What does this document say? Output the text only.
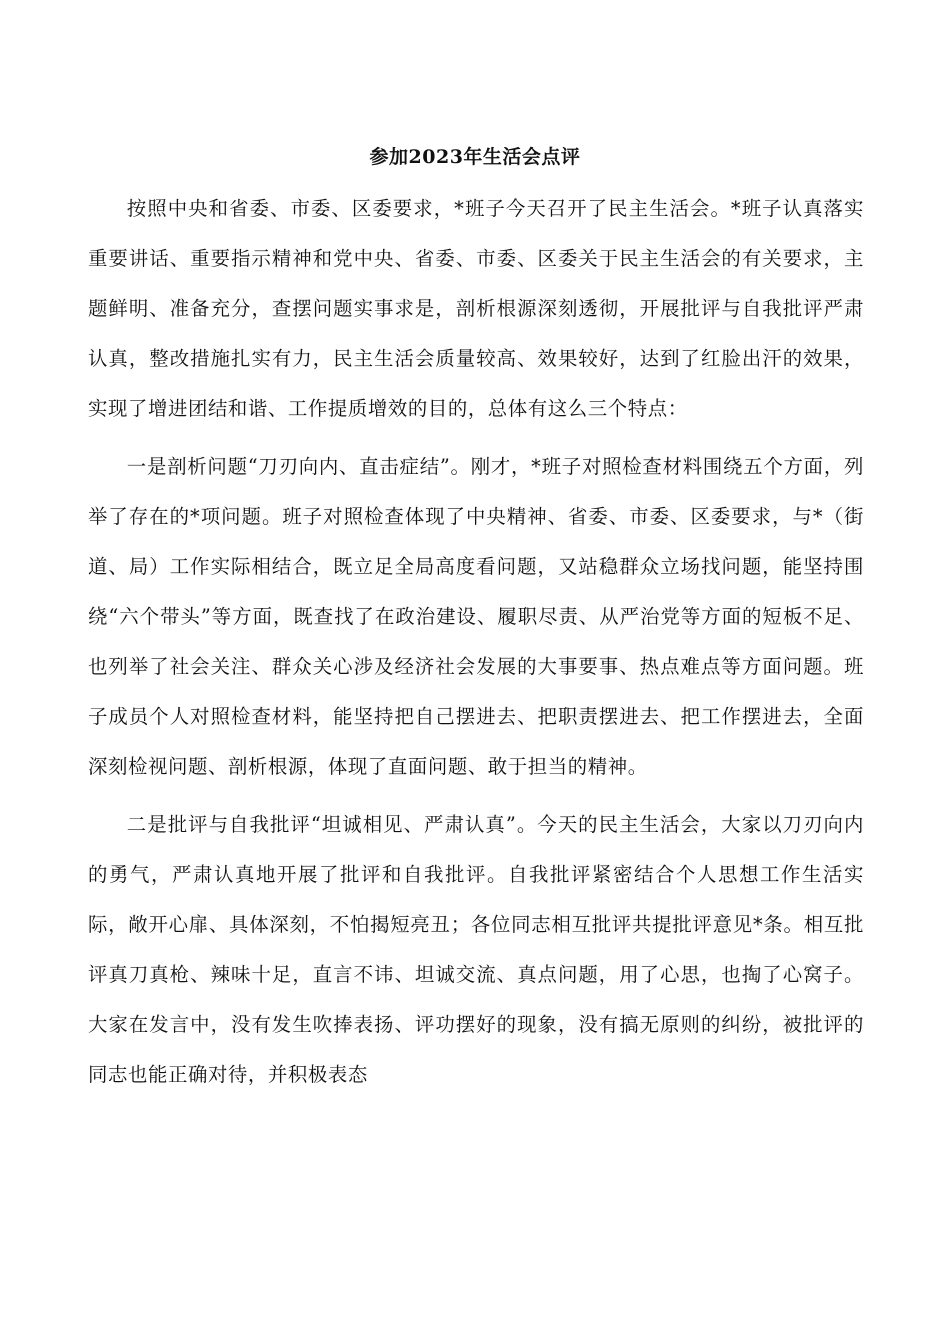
参加2023年生活会点评

按照中央和省委、市委、区委要求，*班子今天召开了民主生活会。*班子认真落实重要讲话、重要指示精神和党中央、省委、市委、区委关于民主生活会的有关要求，主题鲜明、准备充分，查摆问题实事求是，剖析根源深刻透彻，开展批评与自我批评严肃认真，整改措施扎实有力，民主生活会质量较高、效果较好，达到了红脸出汗的效果，实现了增进团结和谐、工作提质增效的目的，总体有这么三个特点：

一是剖析问题“刀刃向内、直击症结”。刚才，*班子对照检查材料围绕五个方面，列举了存在的*项问题。班子对照检查体现了中央精神、省委、市委、区委要求，与*（街道、局）工作实际相结合，既立足全局高度看问题，又站稳群众立场找问题，能坚持围绕“六个带头”等方面，既查找了在政治建设、履职尽责、从严治党等方面的短板不足、也列举了社会关注、群众关心涉及经济社会发展的大事要事、热点难点等方面问题。班子成员个人对照检查材料，能坚持把自己摆进去、把职责摆进去、把工作摆进去，全面深刻检视问题、剖析根源，体现了直面问题、敢于担当的精神。

二是批评与自我批评“坦诚相见、严肃认真”。今天的民主生活会，大家以刀刃向内的勇气，严肃认真地开展了批评和自我批评。自我批评紧密结合个人思想工作生活实际，敞开心扉、具体深刻，不怕揭短亮丑；各位同志相互批评共提批评意见*条。相互批评真刀真枪、辣味十足，直言不讳、坦诚交流、真点问题，用了心思，也掏了心窝子。大家在发言中，没有发生吹捧表扬、评功摆好的现象，没有搞无原则的纠纷，被批评的同志也能正确对待，并积极表态
